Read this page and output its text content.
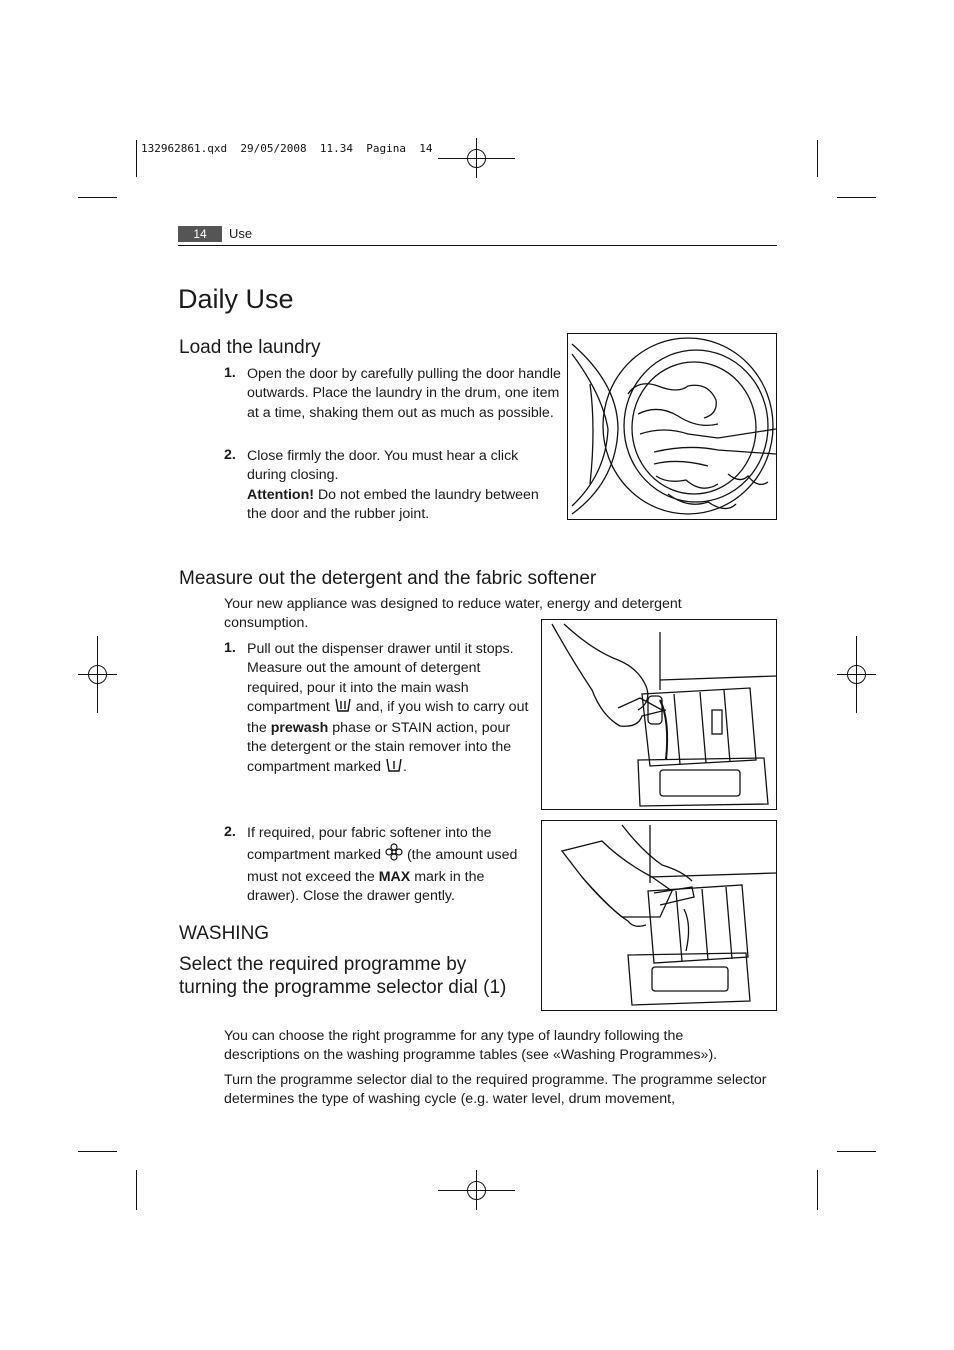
132962861.qxd 29/05/2008 11.34 Pagina 14
14	Use
Daily Use
Load the laundry
1. Open the door by carefully pulling the door handle outwards. Place the laundry in the drum, one item at a time, shaking them out as much as possible.
2. Close firmly the door. You must hear a click during closing.
Attention! Do not embed the laundry between the door and the rubber joint.
Measure out the detergent and the fabric softener
Your new appliance was designed to reduce water, energy and detergent consumption.
1. Pull out the dispenser drawer until it stops. Measure out the amount of detergent required, pour it into the main wash compartment and, if you wish to carry out the prewash phase or STAIN action, pour the detergent or the stain remover into the compartment marked .
2. If required, pour fabric softener into the compartment marked (the amount used must not exceed the MAX mark in the drawer). Close the drawer gently.
WASHING
Select the required programme by turning the programme selector dial (1)
You can choose the right programme for any type of laundry following the descriptions on the washing programme tables (see «Washing Programmes»).
Turn the programme selector dial to the required programme. The programme selector determines the type of washing cycle (e.g. water level, drum movement,
